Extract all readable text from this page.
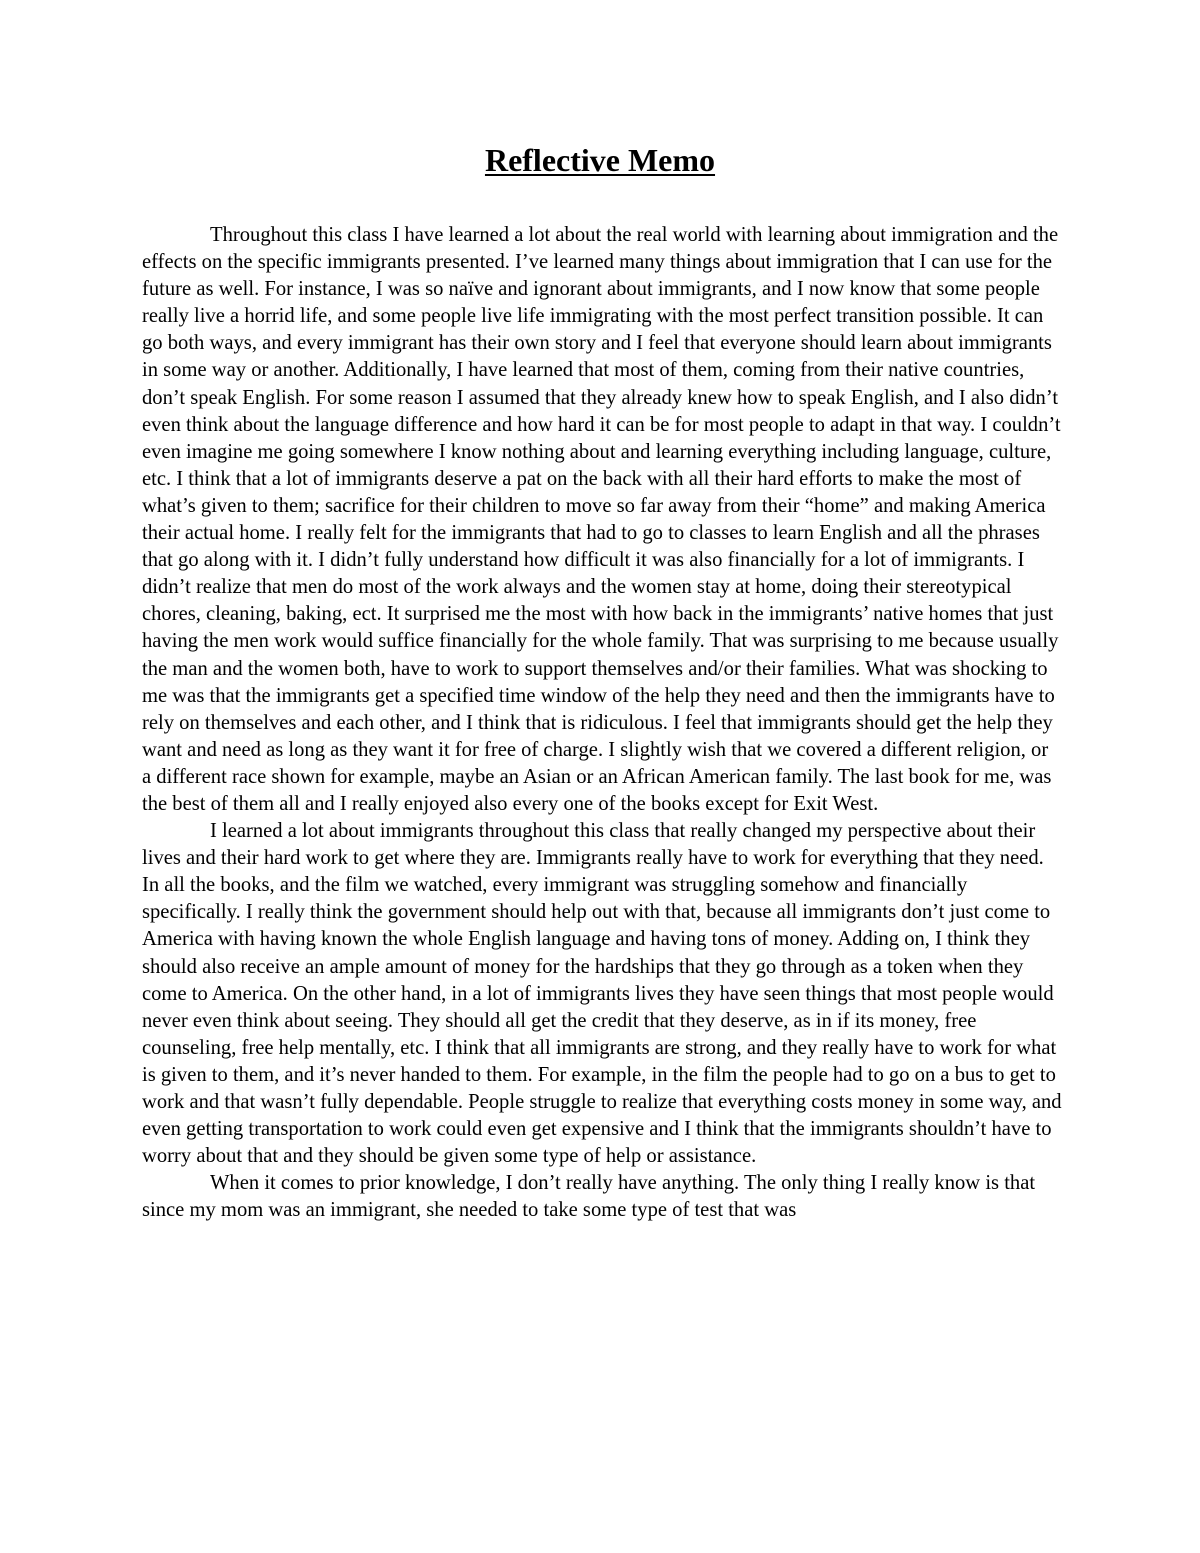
Reflective Memo

Throughout this class I have learned a lot about the real world with learning about immigration and the effects on the specific immigrants presented. I’ve learned many things about immigration that I can use for the future as well. For instance, I was so naïve and ignorant about immigrants, and I now know that some people really live a horrid life, and some people live life immigrating with the most perfect transition possible. It can go both ways, and every immigrant has their own story and I feel that everyone should learn about immigrants in some way or another. Additionally, I have learned that most of them, coming from their native countries, don’t speak English. For some reason I assumed that they already knew how to speak English, and I also didn’t even think about the language difference and how hard it can be for most people to adapt in that way. I couldn’t even imagine me going somewhere I know nothing about and learning everything including language, culture, etc. I think that a lot of immigrants deserve a pat on the back with all their hard efforts to make the most of what’s given to them; sacrifice for their children to move so far away from their “home” and making America their actual home. I really felt for the immigrants that had to go to classes to learn English and all the phrases that go along with it. I didn’t fully understand how difficult it was also financially for a lot of immigrants. I didn’t realize that men do most of the work always and the women stay at home, doing their stereotypical chores, cleaning, baking, ect. It surprised me the most with how back in the immigrants’ native homes that just having the men work would suffice financially for the whole family. That was surprising to me because usually the man and the women both, have to work to support themselves and/or their families. What was shocking to me was that the immigrants get a specified time window of the help they need and then the immigrants have to rely on themselves and each other, and I think that is ridiculous. I feel that immigrants should get the help they want and need as long as they want it for free of charge. I slightly wish that we covered a different religion, or a different race shown for example, maybe an Asian or an African American family. The last book for me, was the best of them all and I really enjoyed also every one of the books except for Exit West.

I learned a lot about immigrants throughout this class that really changed my perspective about their lives and their hard work to get where they are. Immigrants really have to work for everything that they need. In all the books, and the film we watched, every immigrant was struggling somehow and financially specifically. I really think the government should help out with that, because all immigrants don’t just come to America with having known the whole English language and having tons of money. Adding on, I think they should also receive an ample amount of money for the hardships that they go through as a token when they come to America. On the other hand, in a lot of immigrants lives they have seen things that most people would never even think about seeing. They should all get the credit that they deserve, as in if its money, free counseling, free help mentally, etc. I think that all immigrants are strong, and they really have to work for what is given to them, and it’s never handed to them. For example, in the film the people had to go on a bus to get to work and that wasn’t fully dependable. People struggle to realize that everything costs money in some way, and even getting transportation to work could even get expensive and I think that the immigrants shouldn’t have to worry about that and they should be given some type of help or assistance.

When it comes to prior knowledge, I don’t really have anything. The only thing I really know is that since my mom was an immigrant, she needed to take some type of test that was
